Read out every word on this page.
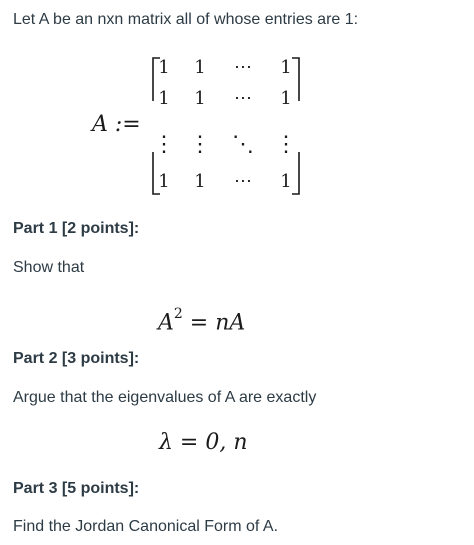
Let A be an nxn matrix all of whose entries are 1:
A :=
1	1	⋯	1
1	1	⋯	1
⋮ ⋮ ⋱ ⋮
1	1	⋯	1
Part 1 [2 points]:
Show that
$A^2$ = nA
Part 2 [3 points]:
Argue that the eigenvalues of A are exactly
λ = 0, n
Part 3 [5 points]:
Find the Jordan Canonical Form of A.
